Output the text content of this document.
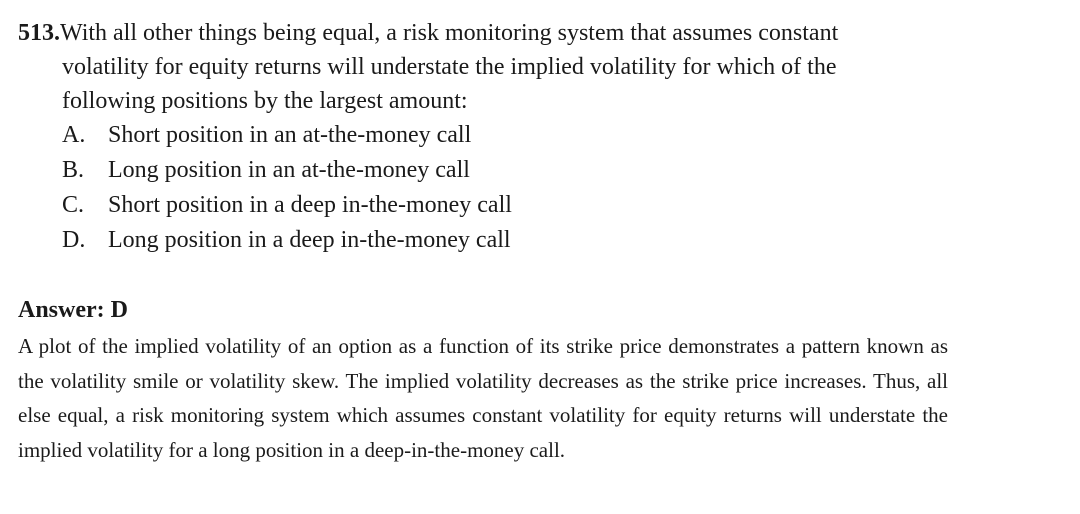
513.With all other things being equal, a risk monitoring system that assumes constant
volatility for equity returns will understate the implied volatility for which of the
following positions by the largest amount:
A. Short position in an at-the-money call
B. Long position in an at-the-money call
C. Short position in a deep in-the-money call
D. Long position in a deep in-the-money call
Answer: D
A plot of the implied volatility of an option as a function of its strike price demonstrates a pattern known as the volatility smile or volatility skew. The implied volatility decreases as the strike price increases. Thus, all else equal, a risk monitoring system which assumes constant volatility for equity returns will understate the implied volatility for a long position in a deep-in-the-money call.
